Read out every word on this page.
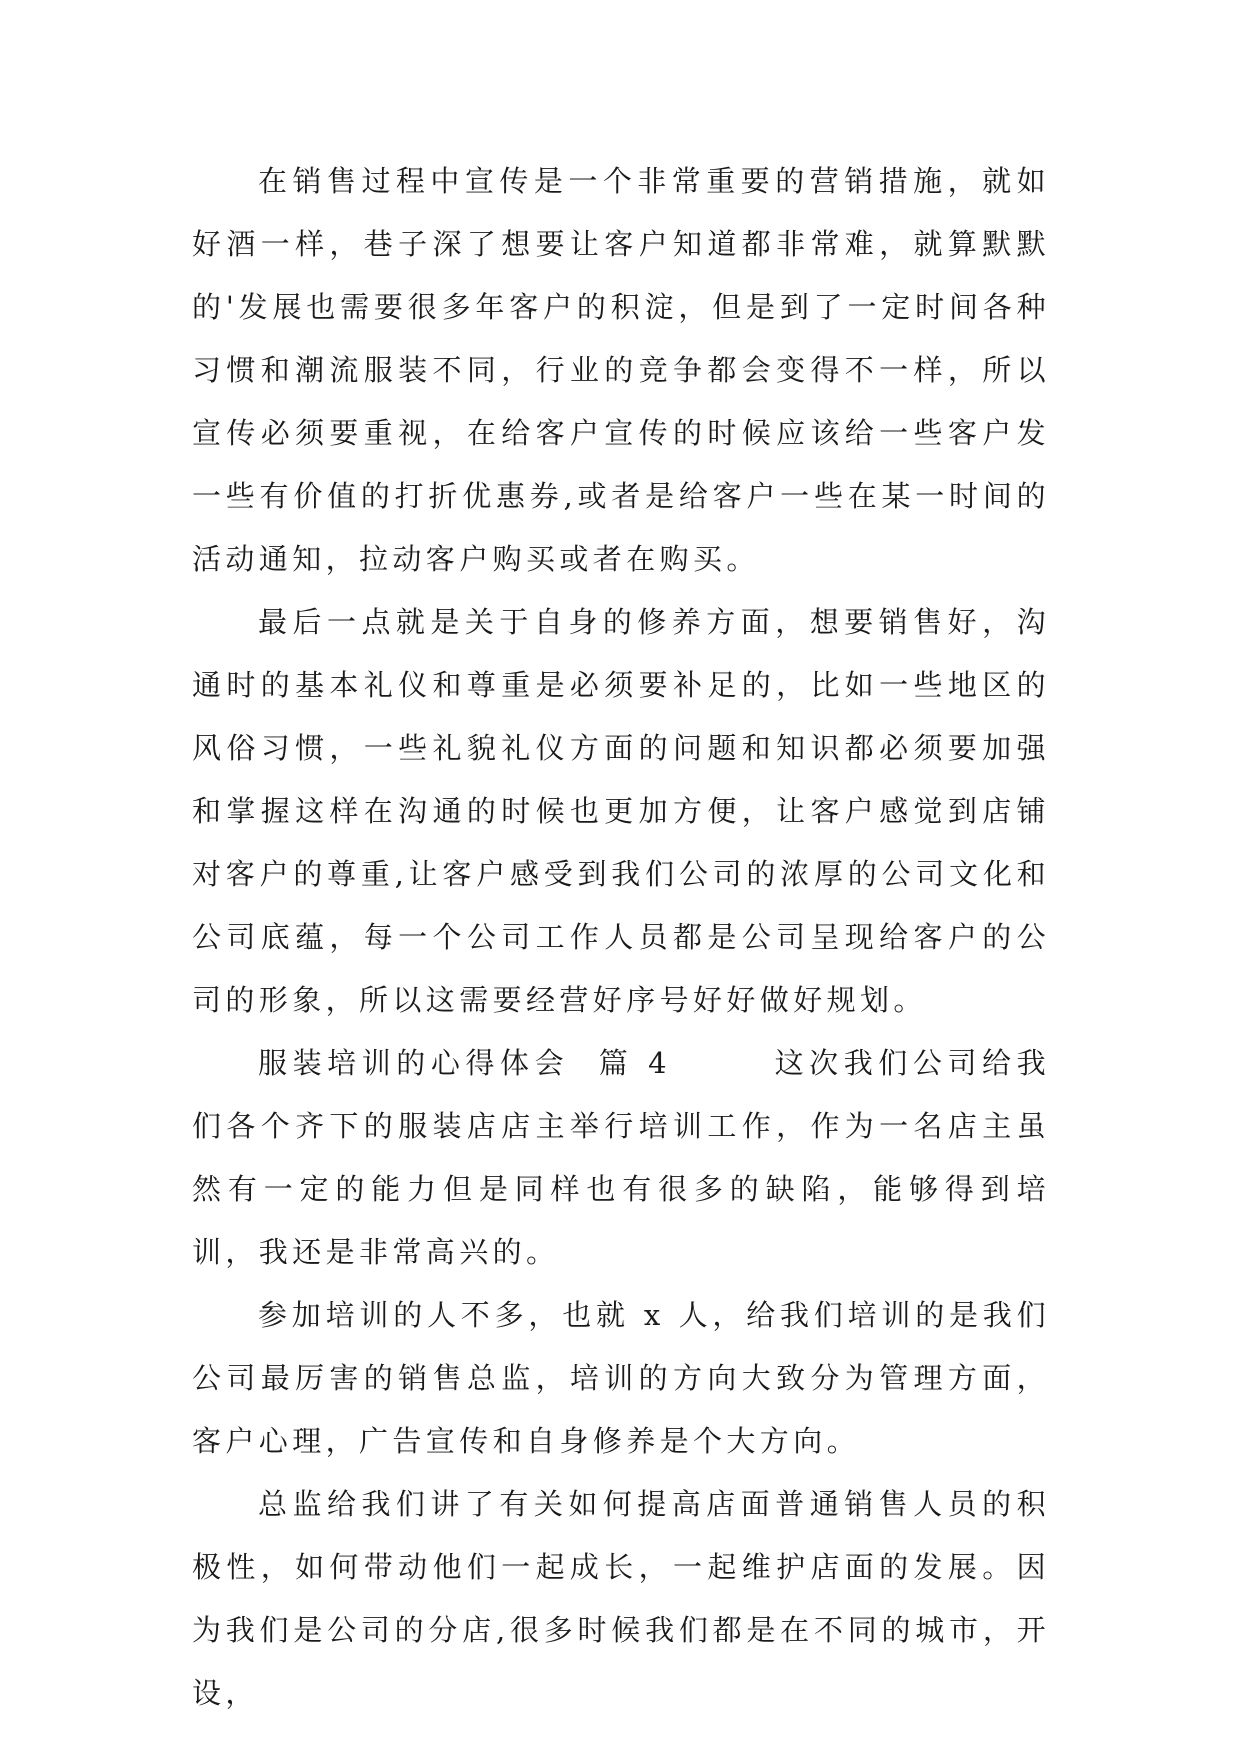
在销售过程中宣传是一个非常重要的营销措施，就如好酒一样，巷子深了想要让客户知道都非常难，就算默默的'发展也需要很多年客户的积淀，但是到了一定时间各种习惯和潮流服装不同，行业的竞争都会变得不一样，所以宣传必须要重视，在给客户宣传的时候应该给一些客户发一些有价值的打折优惠券,或者是给客户一些在某一时间的活动通知，拉动客户购买或者在购买。

最后一点就是关于自身的修养方面，想要销售好，沟通时的基本礼仪和尊重是必须要补足的，比如一些地区的风俗习惯，一些礼貌礼仪方面的问题和知识都必须要加强和掌握这样在沟通的时候也更加方便，让客户感觉到店铺对客户的尊重,让客户感受到我们公司的浓厚的公司文化和公司底蕴，每一个公司工作人员都是公司呈现给客户的公司的形象，所以这需要经营好序号好好做好规划。

服装培训的心得体会  篇 4       这次我们公司给我们各个齐下的服装店店主举行培训工作，作为一名店主虽然有一定的能力但是同样也有很多的缺陷，能够得到培训，我还是非常高兴的。

参加培训的人不多，也就 x 人，给我们培训的是我们公司最厉害的销售总监，培训的方向大致分为管理方面，客户心理，广告宣传和自身修养是个大方向。

总监给我们讲了有关如何提高店面普通销售人员的积极性，如何带动他们一起成长，一起维护店面的发展。因为我们是公司的分店,很多时候我们都是在不同的城市，开设，
